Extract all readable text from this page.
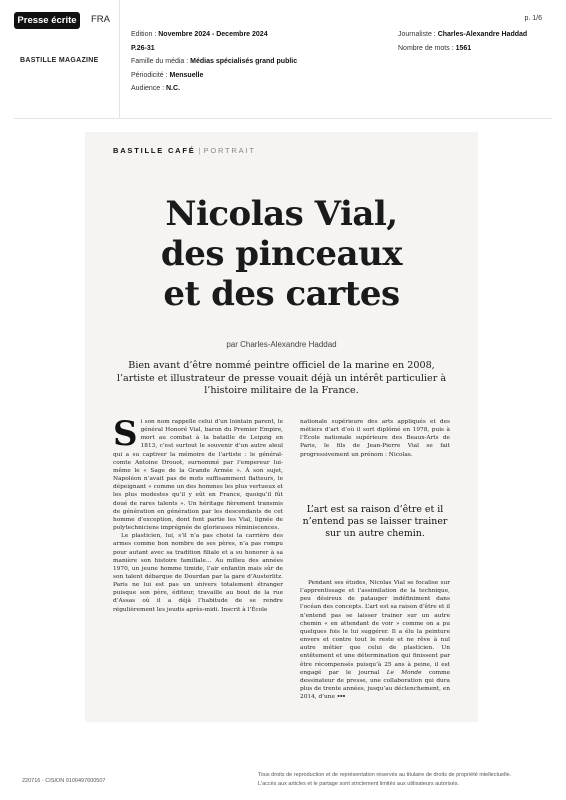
Presse écrite	FRA
BASTILLE MAGAZINE
Edition : Novembre 2024 - Decembre 2024
P.26-31
Famille du média : Médias spécialisés grand public
Périodicité : Mensuelle
Audience : N.C.
Journaliste : Charles-Alexandre Haddad
Nombre de mots : 1561
p. 1/6
BASTILLE CAFÉ | PORTRAIT
Nicolas Vial,
des pinceaux
et des cartes
par Charles-Alexandre Haddad
Bien avant d’être nommé peintre officiel de la marine en 2008, l’artiste et illustrateur de presse vouait déjà un intérêt particulier à l’histoire militaire de la France.

Si son nom rappelle celui d’un lointain parent, le général Honoré Vial, baron du Premier Empire, mort au combat à la bataille de Leipzig en 1813, c’est surtout le souvenir d’un autre aïeul qui a su captiver la mémoire de l’artiste : le général-comte Antoine Drouot, surnommé par l’empereur lui-même le « Sage de la Grande Armée ». À son sujet, Napoléon n’avait pas de mots suffisamment flatteurs, le dépeignant « comme un des hommes les plus vertueux et les plus modestes qu’il y eût en France, quoiqu’il fût doué de rares talents ». Un héritage fièrement transmis de génération en génération par les descendants de cet homme d’exception, dont font partie les Vial, lignée de polytechniciens imprégnée de glorieuses réminiscences.

Le plasticien, lui, s’il n’a pas choisi la carrière des armes comme bon nombre de ses pères, n’a pas rompu pour autant avec sa tradition filiale et a su honorer à sa manière son histoire familiale… Au milieu des années 1970, un jeune homme timide, l’air enfantin mais sûr de son talent débarque de Dourdan par la gare d’Austerlitz. Paris ne lui est pas un univers totalement étranger puisque son père, éditeur, travaille au bout de la rue d’Assas où il a déjà l’habitude de se rendre régulièrement les jeudis après-midi. Inscrit à l’École

nationale supérieure des arts appliqués et des métiers d’art d’où il sort diplômé en 1978, puis à l’École nationale supérieure des Beaux-Arts de Paris, le fils de Jean-Pierre Vial se fait progressivement un prénom : Nicolas.

L’art est sa raison d’être et il n’entend pas se laisser trainer sur un autre chemin.

Pendant ses études, Nicolas Vial se focalise sur l’apprentissage et l’assimilation de la technique, peu désireux de patauger indéfiniment dans l’océan des concepts. L’art est sa raison d’être et il n’entend pas se laisser trainer sur un autre chemin « en attendant de voir » comme on a pu quelques fois le lui suggérer. Il a élu la peinture envers et contre tout le reste et ne rêve à nul autre métier que celui de plasticien. Un entêtement et une détermination qui finissent par être récompensés puisqu’à 25 ans à peine, il est engagé par le journal Le Monde comme dessinateur de presse, une collaboration qui dura plus de trente années, jusqu’au déclenchement, en 2014, d’une •••

220716 - CISION 9100497600507
Tous droits de reproduction et de représentation réservés au titulaire de droits de propriété intellectuelle.
L'accès aux articles et le partage sont strictement limités aux utilisateurs autorisés.
